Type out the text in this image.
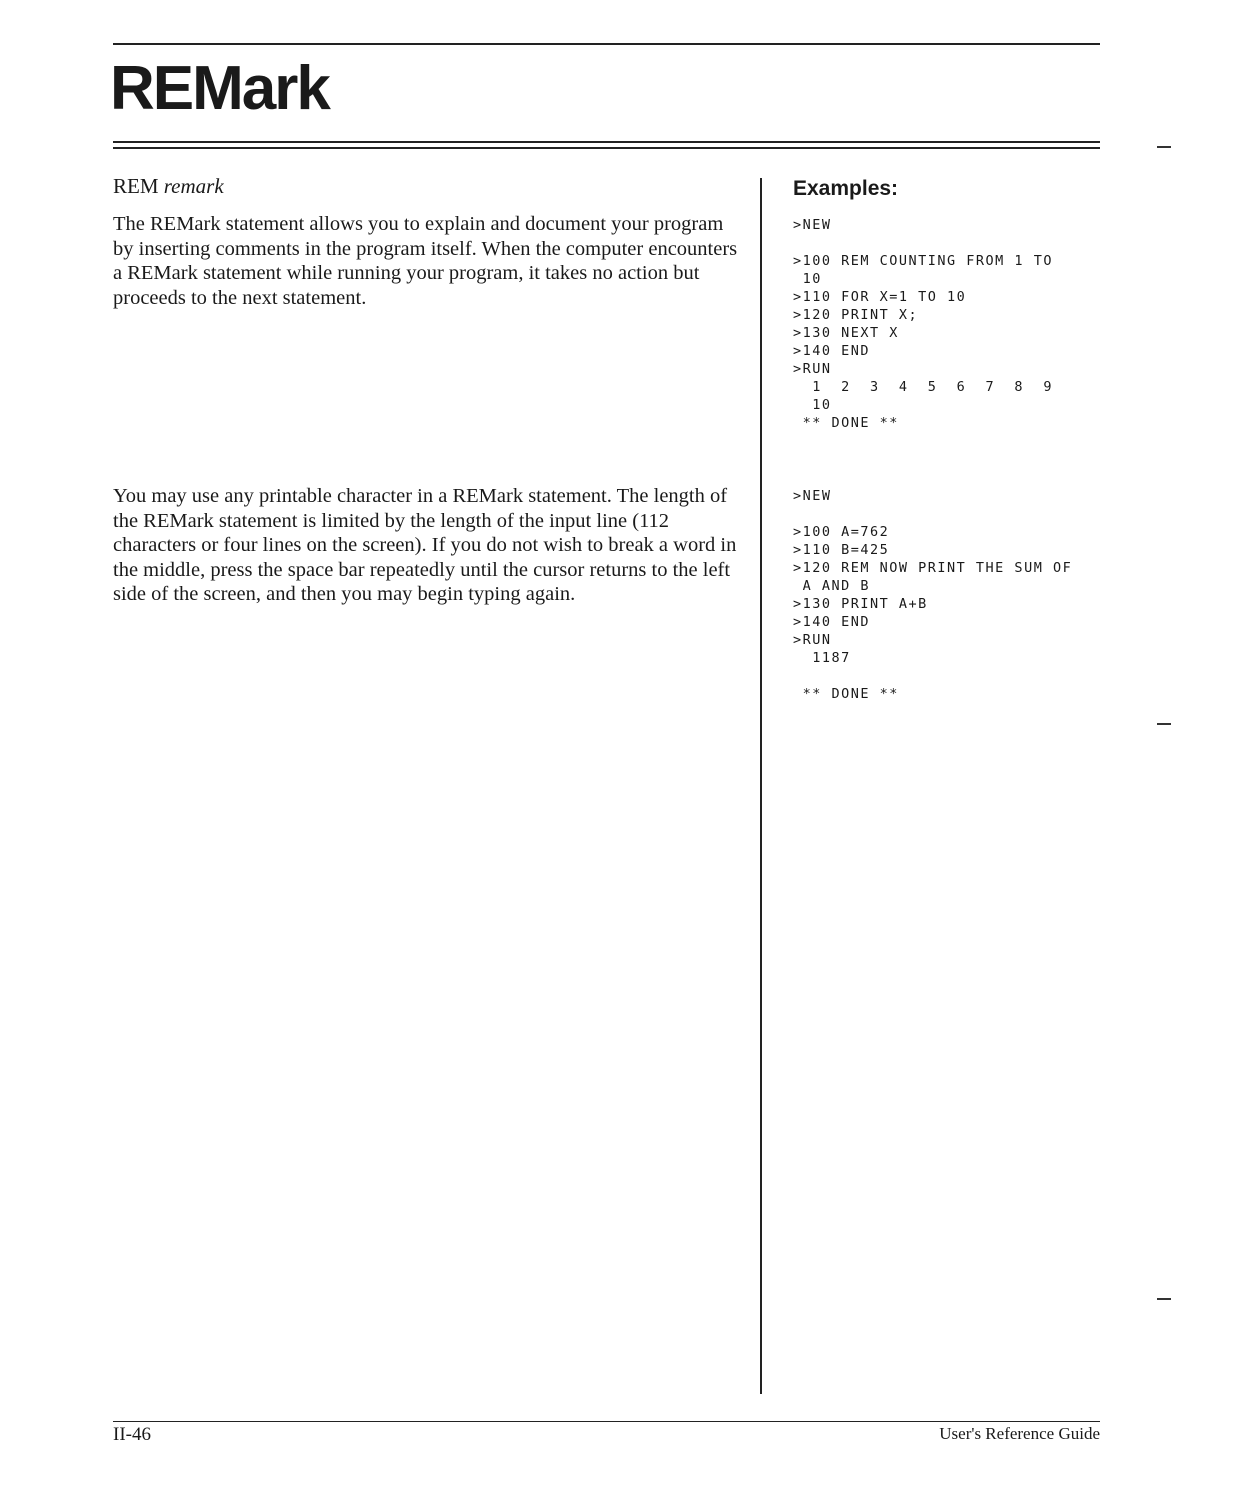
REMark
REM remark

The REMark statement allows you to explain and document your program by inserting comments in the program itself. When the computer encounters a REMark statement while running your program, it takes no action but proceeds to the next statement.

You may use any printable character in a REMark statement. The length of the REMark statement is limited by the length of the input line (112 characters or four lines on the screen). If you do not wish to break a word in the middle, press the space bar repeatedly until the cursor returns to the left side of the screen, and then you may begin typing again.

Examples:
>NEW
>100 REM COUNTING FROM 1 TO
10
>110 FOR X=1 TO 10
>120 PRINT X;
>130 NEXT X
>140 END
>RUN
1  2  3  4  5  6  7  8  9
10
** DONE **
>NEW
>100 A=762
>110 B=425
>120 REM NOW PRINT THE SUM OF
A AND B
>130 PRINT A+B
>140 END
>RUN
1187
** DONE **
II-46	User's Reference Guide
